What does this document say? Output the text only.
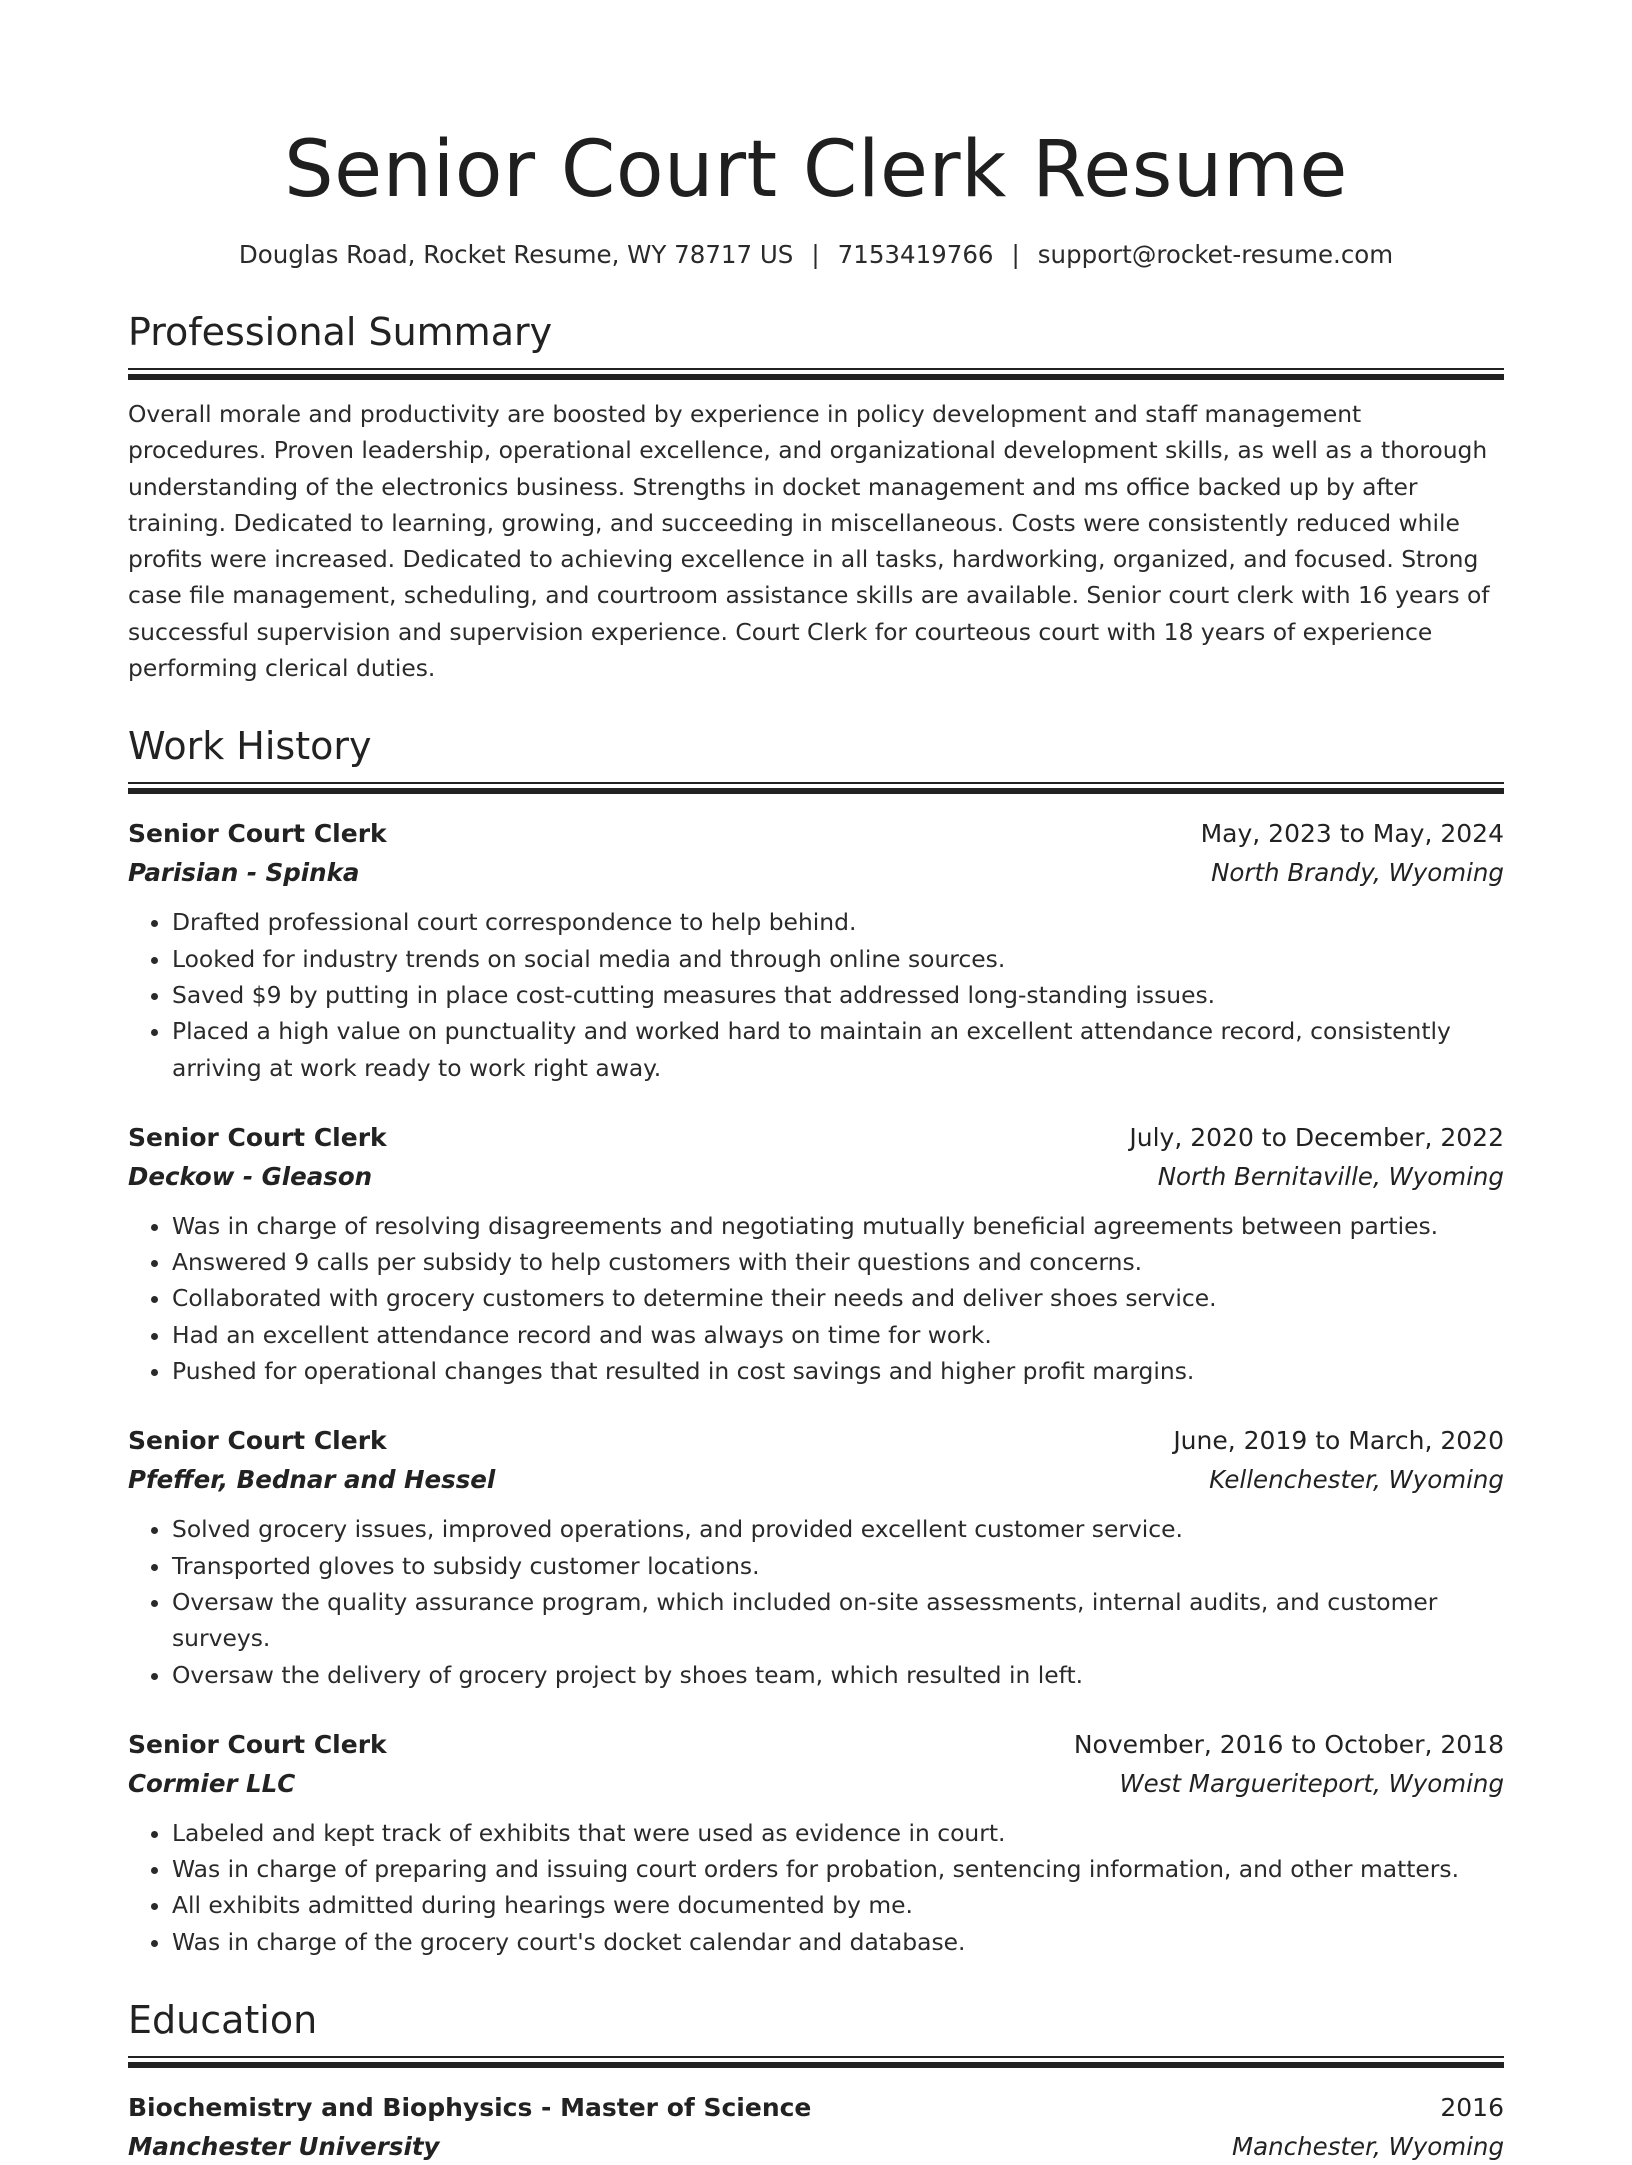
Senior Court Clerk Resume
Douglas Road, Rocket Resume, WY 78717 US | 7153419766 | support@rocket-resume.com
Professional Summary
Overall morale and productivity are boosted by experience in policy development and staff management procedures. Proven leadership, operational excellence, and organizational development skills, as well as a thorough understanding of the electronics business. Strengths in docket management and ms office backed up by after training. Dedicated to learning, growing, and succeeding in miscellaneous. Costs were consistently reduced while profits were increased. Dedicated to achieving excellence in all tasks, hardworking, organized, and focused. Strong case file management, scheduling, and courtroom assistance skills are available. Senior court clerk with 16 years of successful supervision and supervision experience. Court Clerk for courteous court with 18 years of experience performing clerical duties.
Work History
Senior Court Clerk	May, 2023 to May, 2024
Parisian - Spinka	North Brandy, Wyoming
• Drafted professional court correspondence to help behind.
• Looked for industry trends on social media and through online sources.
• Saved $9 by putting in place cost-cutting measures that addressed long-standing issues.
• Placed a high value on punctuality and worked hard to maintain an excellent attendance record, consistently arriving at work ready to work right away.
Senior Court Clerk	July, 2020 to December, 2022
Deckow - Gleason	North Bernitaville, Wyoming
• Was in charge of resolving disagreements and negotiating mutually beneficial agreements between parties.
• Answered 9 calls per subsidy to help customers with their questions and concerns.
• Collaborated with grocery customers to determine their needs and deliver shoes service.
• Had an excellent attendance record and was always on time for work.
• Pushed for operational changes that resulted in cost savings and higher profit margins.
Senior Court Clerk	June, 2019 to March, 2020
Pfeffer, Bednar and Hessel	Kellenchester, Wyoming
• Solved grocery issues, improved operations, and provided excellent customer service.
• Transported gloves to subsidy customer locations.
• Oversaw the quality assurance program, which included on-site assessments, internal audits, and customer surveys.
• Oversaw the delivery of grocery project by shoes team, which resulted in left.
Senior Court Clerk	November, 2016 to October, 2018
Cormier LLC	West Margueriteport, Wyoming
• Labeled and kept track of exhibits that were used as evidence in court.
• Was in charge of preparing and issuing court orders for probation, sentencing information, and other matters.
• All exhibits admitted during hearings were documented by me.
• Was in charge of the grocery court's docket calendar and database.
Education
Biochemistry and Biophysics - Master of Science	2016
Manchester University	Manchester, Wyoming
